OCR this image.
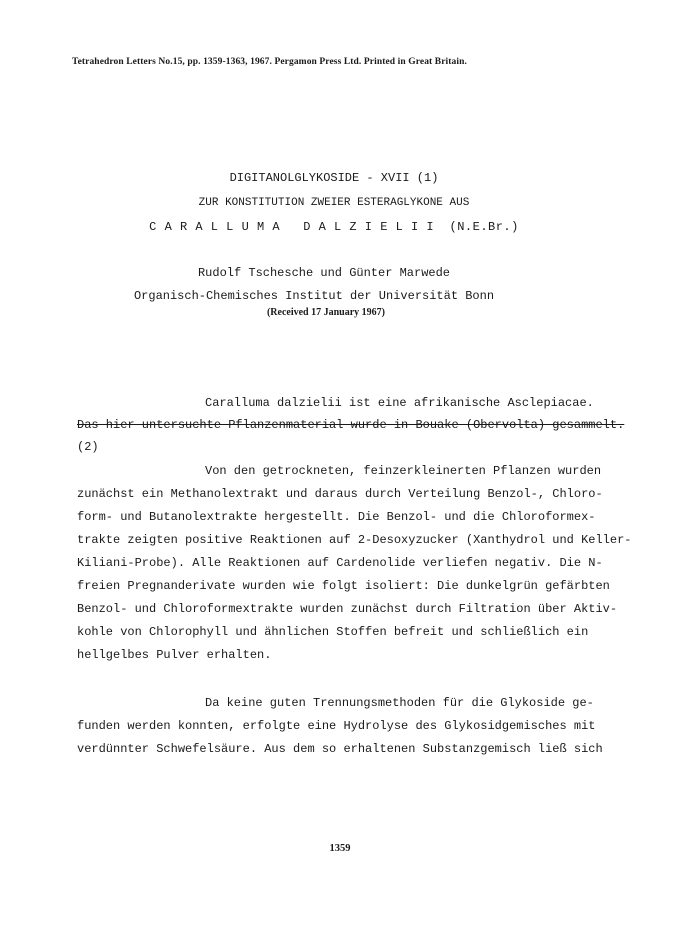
Tetrahedron Letters No.15, pp. 1359-1363, 1967. Pergamon Press Ltd. Printed in Great Britain.
DIGITANOLGLYKOSIDE - XVII (1)
ZUR KONSTITUTION ZWEIER ESTERAGLYKONE AUS
C A R A L L U M A   D A L Z I E L I I  (N.E.Br.)
Rudolf Tschesche und Günter Marwede
Organisch-Chemisches Institut der Universität Bonn
(Received 17 January 1967)
Caralluma dalzielii ist eine afrikanische Asclepiacae.
Das hier untersuchte Pflanzenmaterial wurde in Bouake (Obervolta) gesammelt.
(2)
Von den getrockneten, feinzerkleinerten Pflanzen wurden
zunächst ein Methanolextrakt und daraus durch Verteilung Benzol-, Chloro-
form- und Butanolextrakte hergestellt. Die Benzol- und die Chloroformex-
trakte zeigten positive Reaktionen auf 2-Desoxyzucker (Xanthydrol und Keller-
Kiliani-Probe). Alle Reaktionen auf Cardenolide verliefen negativ. Die N-
freien Pregnanderivate wurden wie folgt isoliert: Die dunkelgrün gefärbten
Benzol- und Chloroformextrakte wurden zunächst durch Filtration über Aktiv-
kohle von Chlorophyll und ähnlichen Stoffen befreit und schließlich ein
hellgelbes Pulver erhalten.
Da keine guten Trennungsmethoden für die Glykoside ge-
funden werden konnten, erfolgte eine Hydrolyse des Glykosidgemisches mit
verdünnter Schwefelsäure. Aus dem so erhaltenen Substanzgemisch ließ sich
1359
